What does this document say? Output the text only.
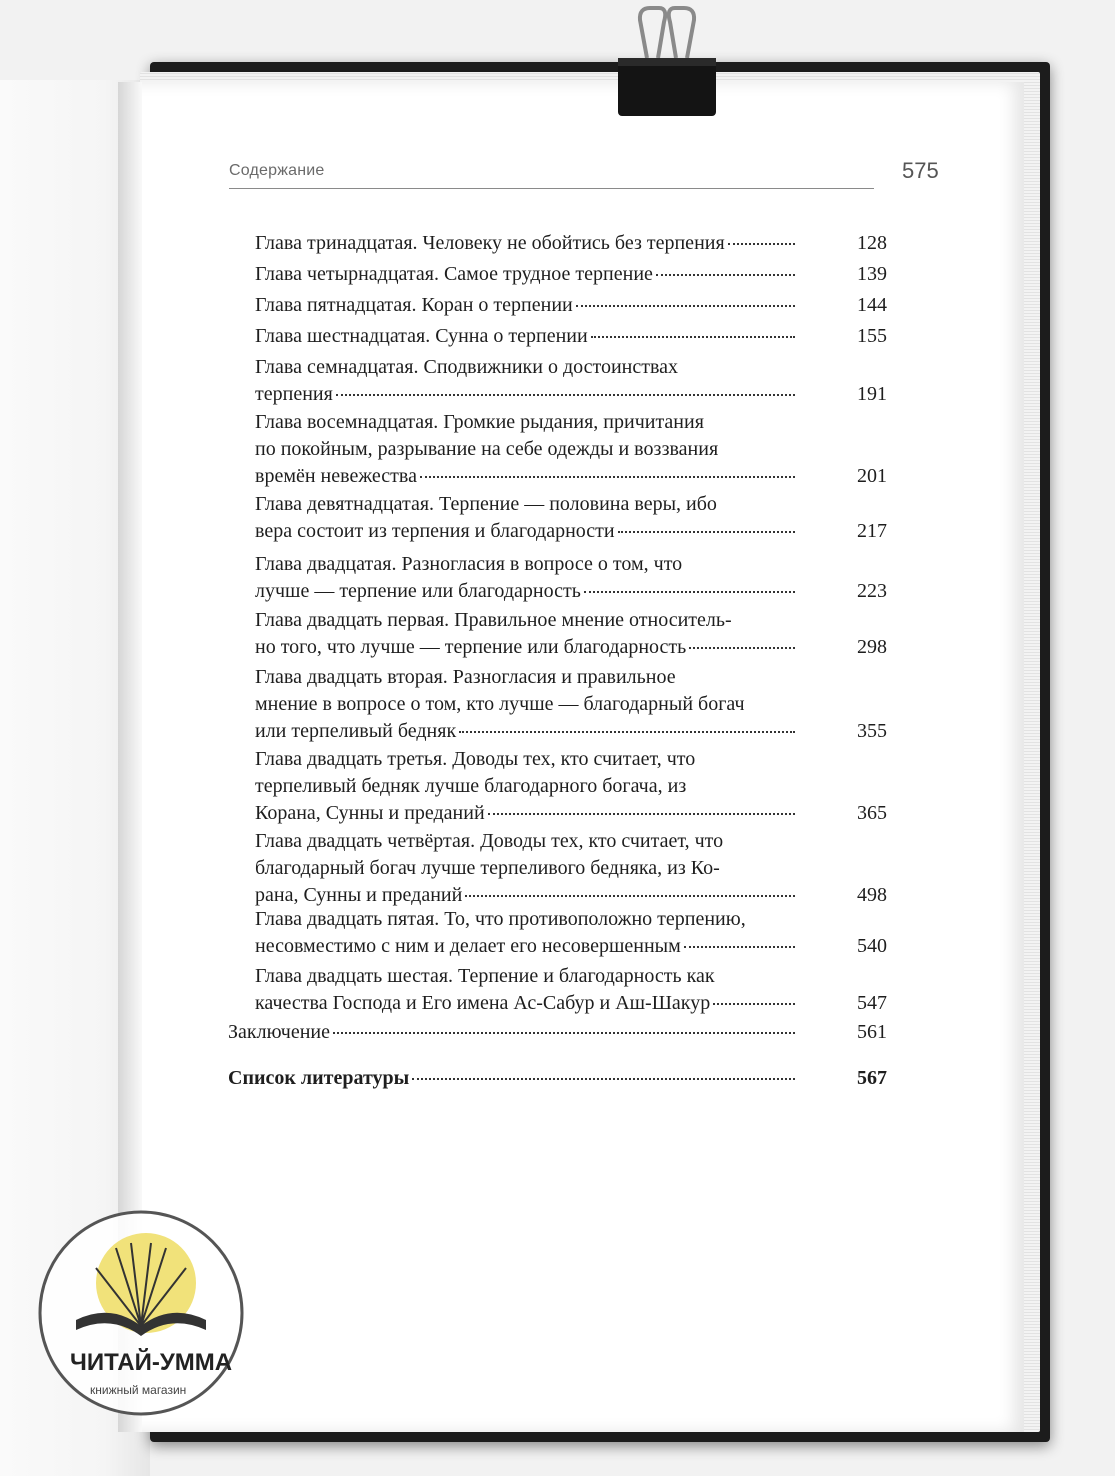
Содержание	575
Глава тринадцатая. Человеку не обойтись без терпения	128
Глава четырнадцатая. Самое трудное терпение	139
Глава пятнадцатая. Коран о терпении	144
Глава шестнадцатая. Сунна о терпении	155
Глава семнадцатая. Сподвижники о достоинствах
терпения	191
Глава восемнадцатая. Громкие рыдания, причитания
по покойным, разрывание на себе одежды и воззвания
времён невежества	201
Глава девятнадцатая. Терпение — половина веры, ибо
вера состоит из терпения и благодарности	217
Глава двадцатая. Разногласия в вопросе о том, что
лучше — терпение или благодарность	223
Глава двадцать первая. Правильное мнение относитель-
но того, что лучше — терпение или благодарность	298
Глава двадцать вторая. Разногласия и правильное
мнение в вопросе о том, кто лучше — благодарный богач
или терпеливый бедняк	355
Глава двадцать третья. Доводы тех, кто считает, что
терпеливый бедняк лучше благодарного богача, из
Корана, Сунны и преданий	365
Глава двадцать четвёртая. Доводы тех, кто считает, что
благодарный богач лучше терпеливого бедняка, из Ко-
рана, Сунны и преданий	498
Глава двадцать пятая. То, что противоположно терпению,
несовместимо с ним и делает его несовершенным	540
Глава двадцать шестая. Терпение и благодарность как
качества Господа и Его имена Ас-Сабур и Аш-Шакур	547
Заключение	561
Список литературы	567
ЧИТАЙ-УММА
книжный магазин
